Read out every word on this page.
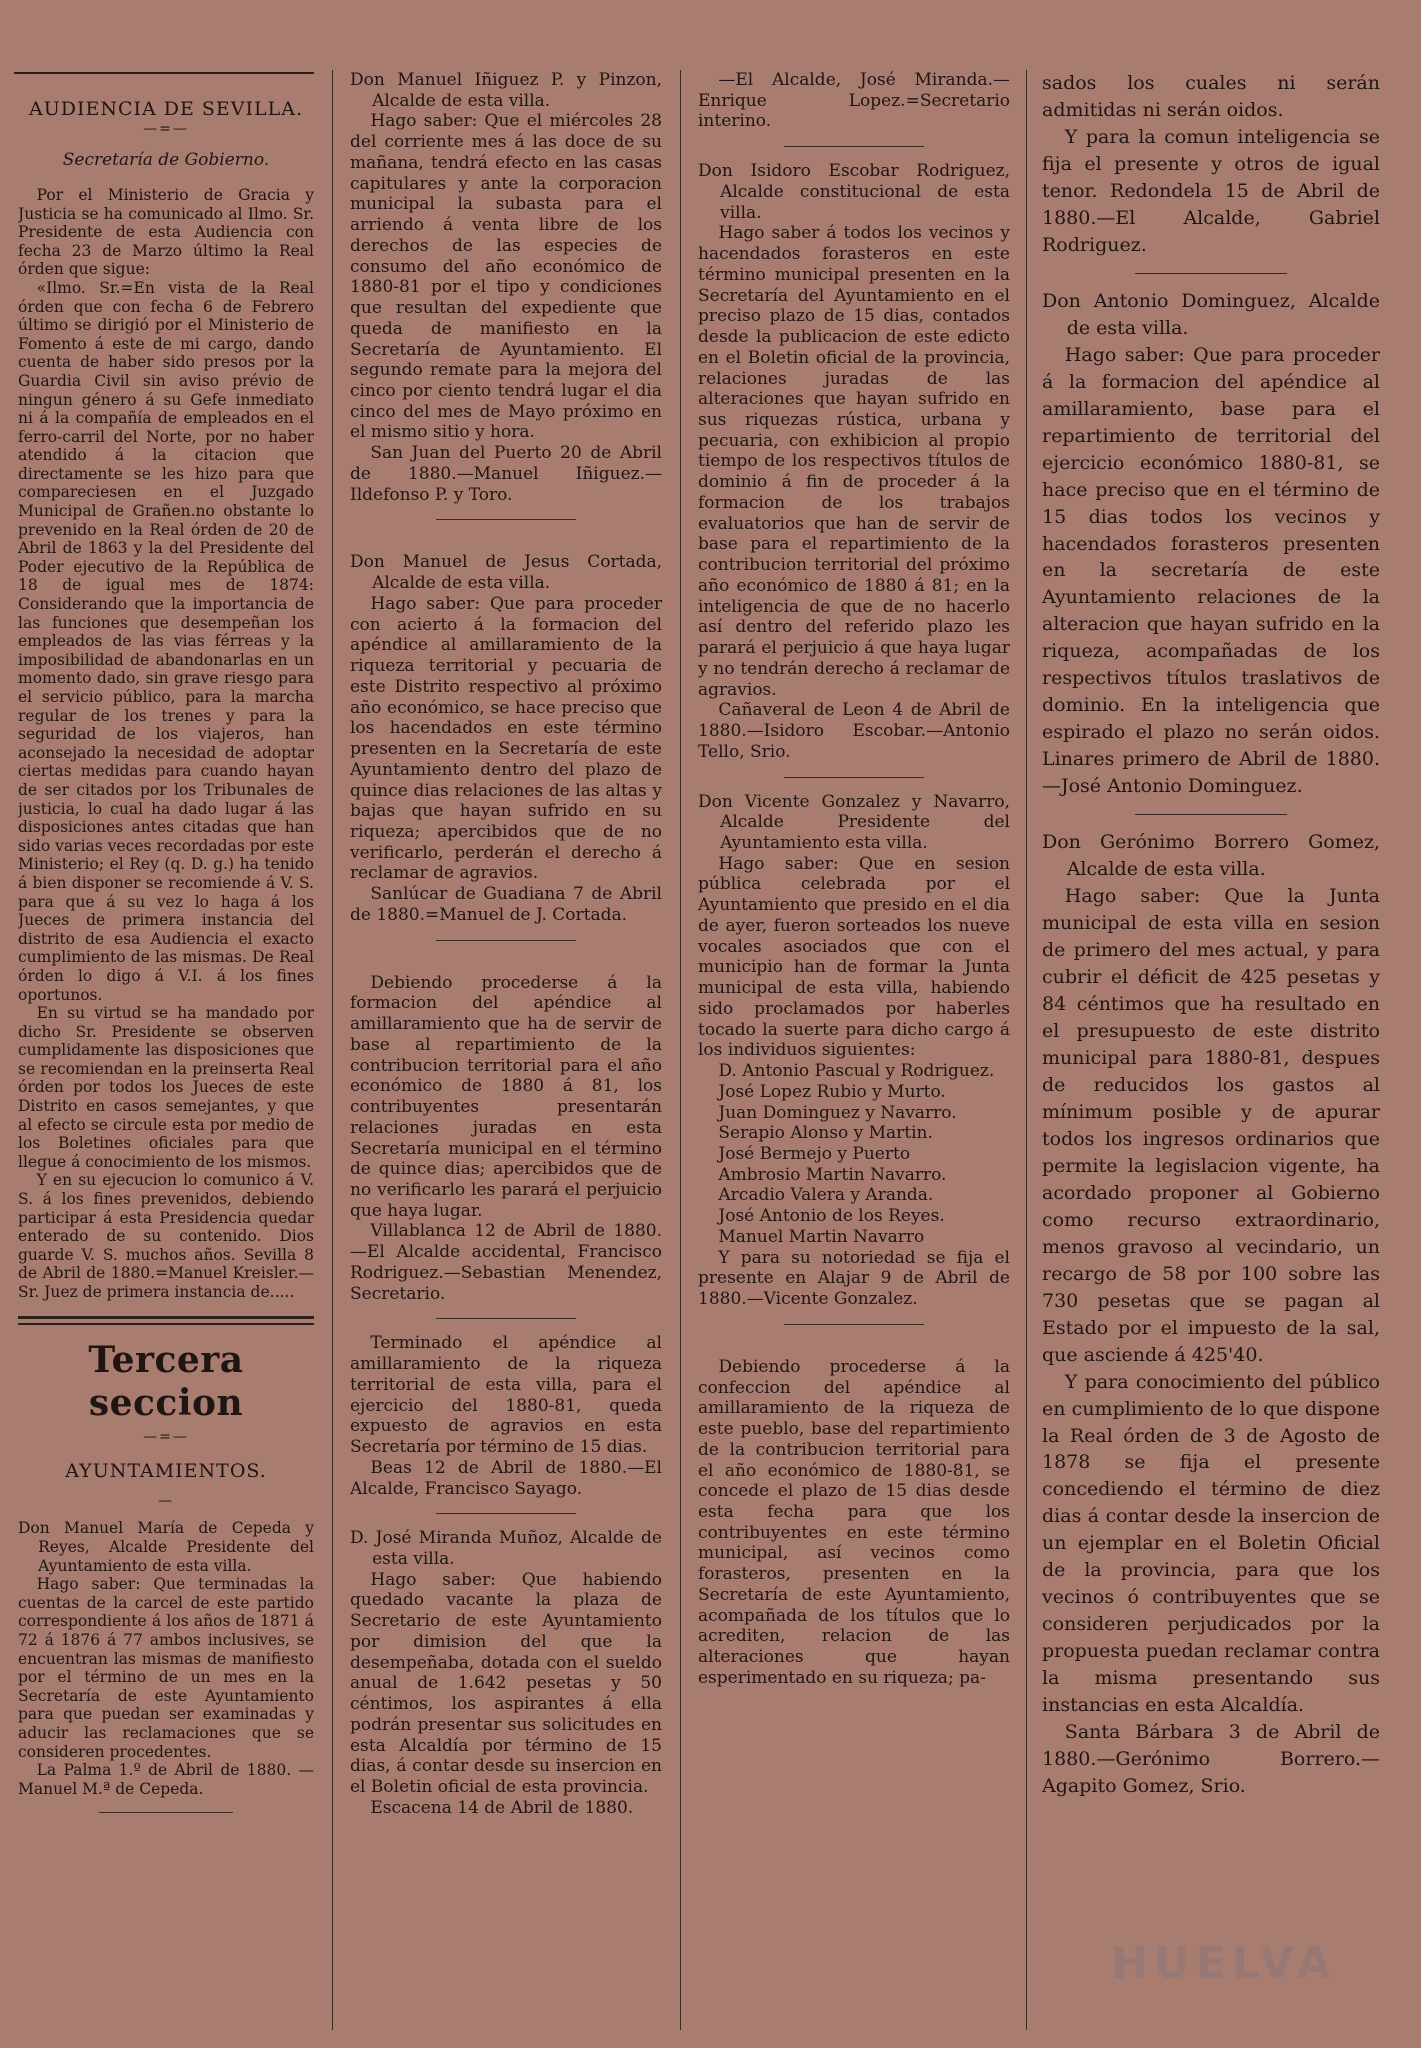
AUDIENCIA DE SEVILLA.
—=—
Secretaría de Gobierno.

Por el Ministerio de Gracia y Justicia se ha comunicado al Ilmo. Sr. Presidente de esta Audiencia con fecha 23 de Marzo último la Real órden que sigue:

«Ilmo. Sr.=En vista de la Real órden que con fecha 6 de Febrero último se dirigió por el Ministerio de Fomento á este de mi cargo, dando cuenta de haber sido presos por la Guardia Civil sin aviso prévio de ningun género á su Gefe inmediato ni á la compañía de empleados en el ferro-carril del Norte, por no haber atendido á la citacion que directamente se les hizo para que compareciesen en el Juzgado Municipal de Grañen.no obstante lo prevenido en la Real órden de 20 de Abril de 1863 y la del Presidente del Poder ejecutivo de la República de 18 de igual mes de 1874: Considerando que la importancia de las funciones que desempeñan los empleados de las vias férreas y la imposibilidad de abandonarlas en un momento dado, sin grave riesgo para el servicio público, para la marcha regular de los trenes y para la seguridad de los viajeros, han aconsejado la necesidad de adoptar ciertas medidas para cuando hayan de ser citados por los Tribunales de justicia, lo cual ha dado lugar á las disposiciones antes citadas que han sido varias veces recordadas por este Ministerio; el Rey (q. D. g.) ha tenido á bien disponer se recomiende á V. S. para que á su vez lo haga á los Jueces de primera instancia del distrito de esa Audiencia el exacto cumplimiento de las mismas. De Real órden lo digo á V.I. á los fines oportunos.

En su virtud se ha mandado por dicho Sr. Presidente se observen cumplidamente las disposiciones que se recomiendan en la preinserta Real órden por todos los Jueces de este Distrito en casos semejantes, y que al efecto se circule esta por medio de los Boletines oficiales para que llegue á conocimiento de los mismos.

Y en su ejecucion lo comunico á V. S. á los fines prevenidos, debiendo participar á esta Presidencia quedar enterado de su contenido. Dios guarde V. S. muchos años. Sevilla 8 de Abril de 1880.=Manuel Kreisler.—Sr. Juez de primera instancia de.....

Tercera seccion
—=—
AYUNTAMIENTOS.
—

Don Manuel María de Cepeda y Reyes, Alcalde Presidente del Ayuntamiento de esta villa.

Hago saber: Que terminadas la cuentas de la carcel de este partido correspondiente á los años de 1871 á 72 á 1876 á 77 ambos inclusives, se encuentran las mismas de manifiesto por el término de un mes en la Secretaría de este Ayuntamiento para que puedan ser examinadas y aducir las reclamaciones que se consideren procedentes.

La Palma 1.º de Abril de 1880. —Manuel M.ª de Cepeda.

Don Manuel Iñiguez P. y Pinzon, Alcalde de esta villa.

Hago saber: Que el miércoles 28 del corriente mes á las doce de su mañana, tendrá efecto en las casas capitulares y ante la corporacion municipal la subasta para el arriendo á venta libre de los derechos de las especies de consumo del año económico de 1880-81 por el tipo y condiciones que resultan del expediente que queda de manifiesto en la Secretaría de Ayuntamiento. El segundo remate para la mejora del cinco por ciento tendrá lugar el dia cinco del mes de Mayo próximo en el mismo sitio y hora.

San Juan del Puerto 20 de Abril de 1880.—Manuel Iñiguez.—Ildefonso P. y Toro.

Don Manuel de Jesus Cortada, Alcalde de esta villa.

Hago saber: Que para proceder con acierto á la formacion del apéndice al amillaramiento de la riqueza territorial y pecuaria de este Distrito respectivo al próximo año económico, se hace preciso que los hacendados en este término presenten en la Secretaría de este Ayuntamiento dentro del plazo de quince dias relaciones de las altas y bajas que hayan sufrido en su riqueza; apercibidos que de no verificarlo, perderán el derecho á reclamar de agravios.

Sanlúcar de Guadiana 7 de Abril de 1880.=Manuel de J. Cortada.

Debiendo procederse á la formacion del apéndice al amillaramiento que ha de servir de base al repartimiento de la contribucion territorial para el año económico de 1880 á 81, los contribuyentes presentarán relaciones juradas en esta Secretaría municipal en el término de quince dias; apercibidos que de no verificarlo les parará el perjuicio que haya lugar.

Villablanca 12 de Abril de 1880. —El Alcalde accidental, Francisco Rodriguez.—Sebastian Menendez, Secretario.

Terminado el apéndice al amillaramiento de la riqueza territorial de esta villa, para el ejercicio del 1880-81, queda expuesto de agravios en esta Secretaría por término de 15 dias.

Beas 12 de Abril de 1880.—El Alcalde, Francisco Sayago.

D. José Miranda Muñoz, Alcalde de esta villa.

Hago saber: Que habiendo quedado vacante la plaza de Secretario de este Ayuntamiento por dimision del que la desempeñaba, dotada con el sueldo anual de 1.642 pesetas y 50 céntimos, los aspirantes á ella podrán presentar sus solicitudes en esta Alcaldía por término de 15 dias, á contar desde su insercion en el Boletin oficial de esta provincia.

Escacena 14 de Abril de 1880.

—El Alcalde, José Miranda.—Enrique Lopez.=Secretario interino.

Don Isidoro Escobar Rodriguez, Alcalde constitucional de esta villa.

Hago saber á todos los vecinos y hacendados forasteros en este término municipal presenten en la Secretaría del Ayuntamiento en el preciso plazo de 15 dias, contados desde la publicacion de este edicto en el Boletin oficial de la provincia, relaciones juradas de las alteraciones que hayan sufrido en sus riquezas rústica, urbana y pecuaria, con exhibicion al propio tiempo de los respectivos títulos de dominio á fin de proceder á la formacion de los trabajos evaluatorios que han de servir de base para el repartimiento de la contribucion territorial del próximo año económico de 1880 á 81; en la inteligencia de que de no hacerlo así dentro del referido plazo les parará el perjuicio á que haya lugar y no tendrán derecho á reclamar de agravios.

Cañaveral de Leon 4 de Abril de 1880.—Isidoro Escobar.—Antonio Tello, Srio.

Don Vicente Gonzalez y Navarro, Alcalde Presidente del Ayuntamiento esta villa.

Hago saber: Que en sesion pública celebrada por el Ayuntamiento que presido en el dia de ayer, fueron sorteados los nueve vocales asociados que con el municipio han de formar la Junta municipal de esta villa, habiendo sido proclamados por haberles tocado la suerte para dicho cargo á los individuos siguientes:

D. Antonio Pascual y Rodriguez.

José Lopez Rubio y Murto.

Juan Dominguez y Navarro.

Serapio Alonso y Martin.

José Bermejo y Puerto

Ambrosio Martin Navarro.

Arcadio Valera y Aranda.

José Antonio de los Reyes.

Manuel Martin Navarro

Y para su notoriedad se fija el presente en Alajar 9 de Abril de 1880.—Vicente Gonzalez.

Debiendo procederse á la confeccion del apéndice al amillaramiento de la riqueza de este pueblo, base del repartimiento de la contribucion territorial para el año económico de 1880-81, se concede el plazo de 15 dias desde esta fecha para que los contribuyentes en este término municipal, así vecinos como forasteros, presenten en la Secretaría de este Ayuntamiento, acompañada de los títulos que lo acrediten, relacion de las alteraciones que hayan esperimentado en su riqueza; pa-

sados los cuales ni serán admitidas ni serán oidos.

Y para la comun inteligencia se fija el presente y otros de igual tenor. Redondela 15 de Abril de 1880.—El Alcalde, Gabriel Rodriguez.

Don Antonio Dominguez, Alcalde de esta villa.

Hago saber: Que para proceder á la formacion del apéndice al amillaramiento, base para el repartimiento de territorial del ejercicio económico 1880-81, se hace preciso que en el término de 15 dias todos los vecinos y hacendados forasteros presenten en la secretaría de este Ayuntamiento relaciones de la alteracion que hayan sufrido en la riqueza, acompañadas de los respectivos títulos traslativos de dominio. En la inteligencia que espirado el plazo no serán oidos. Linares primero de Abril de 1880.—José Antonio Dominguez.

Don Gerónimo Borrero Gomez, Alcalde de esta villa.

Hago saber: Que la Junta municipal de esta villa en sesion de primero del mes actual, y para cubrir el déficit de 425 pesetas y 84 céntimos que ha resultado en el presupuesto de este distrito municipal para 1880-81, despues de reducidos los gastos al mínimum posible y de apurar todos los ingresos ordinarios que permite la legislacion vigente, ha acordado proponer al Gobierno como recurso extraordinario, menos gravoso al vecindario, un recargo de 58 por 100 sobre las 730 pesetas que se pagan al Estado por el impuesto de la sal, que asciende á 425'40.

Y para conocimiento del público en cumplimiento de lo que dispone la Real órden de 3 de Agosto de 1878 se fija el presente concediendo el término de diez dias á contar desde la insercion de un ejemplar en el Boletin Oficial de la provincia, para que los vecinos ó contribuyentes que se consideren perjudicados por la propuesta puedan reclamar contra la misma presentando sus instancias en esta Alcaldía.

Santa Bárbara 3 de Abril de 1880.—Gerónimo Borrero.—Agapito Gomez, Srio.

HUELVA
